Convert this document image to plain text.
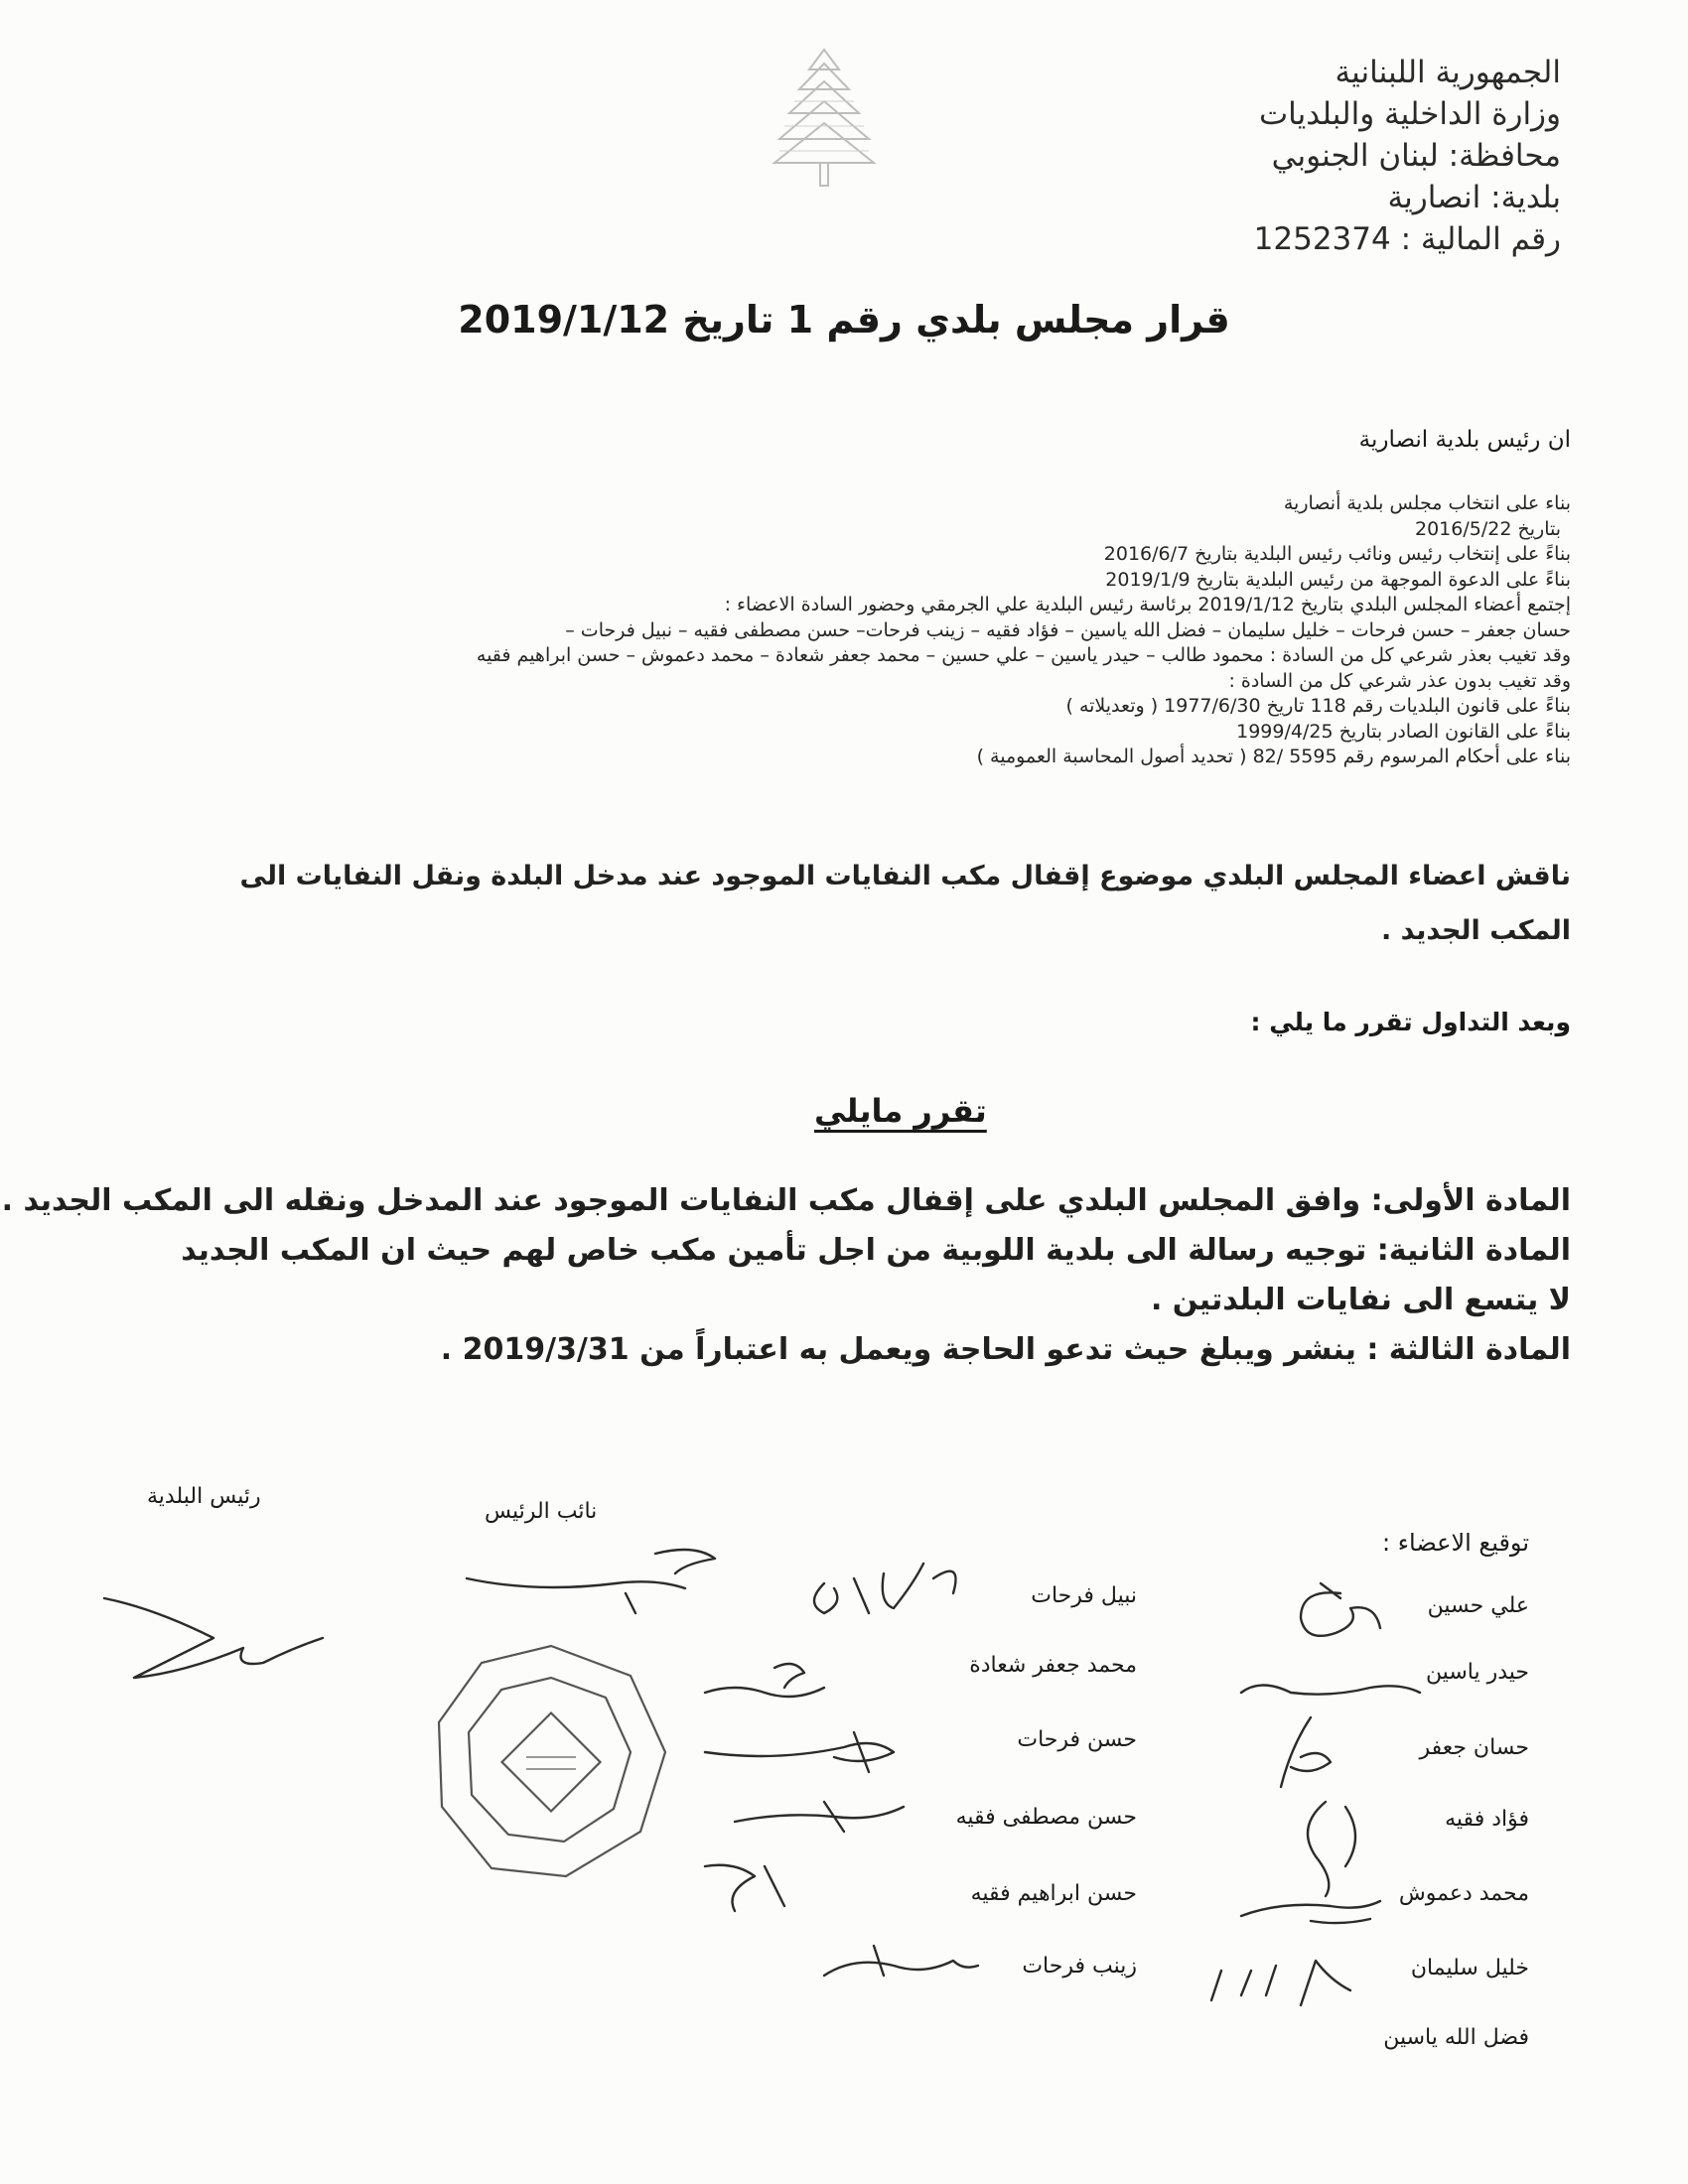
الجمهورية اللبنانية
وزارة الداخلية والبلديات
محافظة: لبنان الجنوبي
بلدية: انصارية
رقم المالية : 1252374
قرار مجلس بلدي رقم 1 تاريخ 2019/1/12
ان رئيس بلدية انصارية
بناء على انتخاب مجلس بلدية أنصارية
بتاريخ 2016/5/22
بناءً على إنتخاب رئيس ونائب رئيس البلدية بتاريخ 2016/6/7
بناءً على الدعوة الموجهة من رئيس البلدية بتاريخ 2019/1/9
إجتمع أعضاء المجلس البلدي بتاريخ 2019/1/12 برئاسة رئيس البلدية علي الجرمقي وحضور السادة الاعضاء :
حسان جعفر – حسن فرحات – خليل سليمان – فضل الله ياسين – فؤاد فقيه – زينب فرحات– حسن مصطفى فقيه – نبيل فرحات –
وقد تغيب بعذر شرعي كل من السادة : محمود طالب – حيدر ياسين – علي حسين – محمد جعفر شعادة – محمد دعموش – حسن ابراهيم فقيه
وقد تغيب بدون عذر شرعي كل من السادة :
بناءً على قانون البلديات رقم 118 تاريخ 1977/6/30 ( وتعديلاته )
بناءً على القانون الصادر بتاريخ 1999/4/25
بناء على أحكام المرسوم رقم 5595 /82 ( تحديد أصول المحاسبة العمومية )
ناقش اعضاء المجلس البلدي موضوع إقفال مكب النفايات الموجود عند مدخل البلدة ونقل النفايات الى المكب الجديد .
وبعد التداول تقرر ما يلي :
تقرر مايلي
المادة الأولى: وافق المجلس البلدي على إقفال مكب النفايات الموجود عند المدخل ونقله الى المكب الجديد .
المادة الثانية: توجيه رسالة الى بلدية اللوبية من اجل تأمين مكب خاص لهم حيث ان المكب الجديد
لا يتسع الى نفايات البلدتين .
المادة الثالثة : ينشر ويبلغ حيث تدعو الحاجة ويعمل به اعتباراً من 2019/3/31 .
رئيس البلدية
نائب الرئيس
توقيع الاعضاء :
علي حسين
حيدر ياسين
حسان جعفر
فؤاد فقيه
محمد دعموش
خليل سليمان
فضل الله ياسين
نبيل فرحات
محمد جعفر شعادة
حسن فرحات
حسن مصطفى فقيه
حسن ابراهيم فقيه
زينب فرحات
